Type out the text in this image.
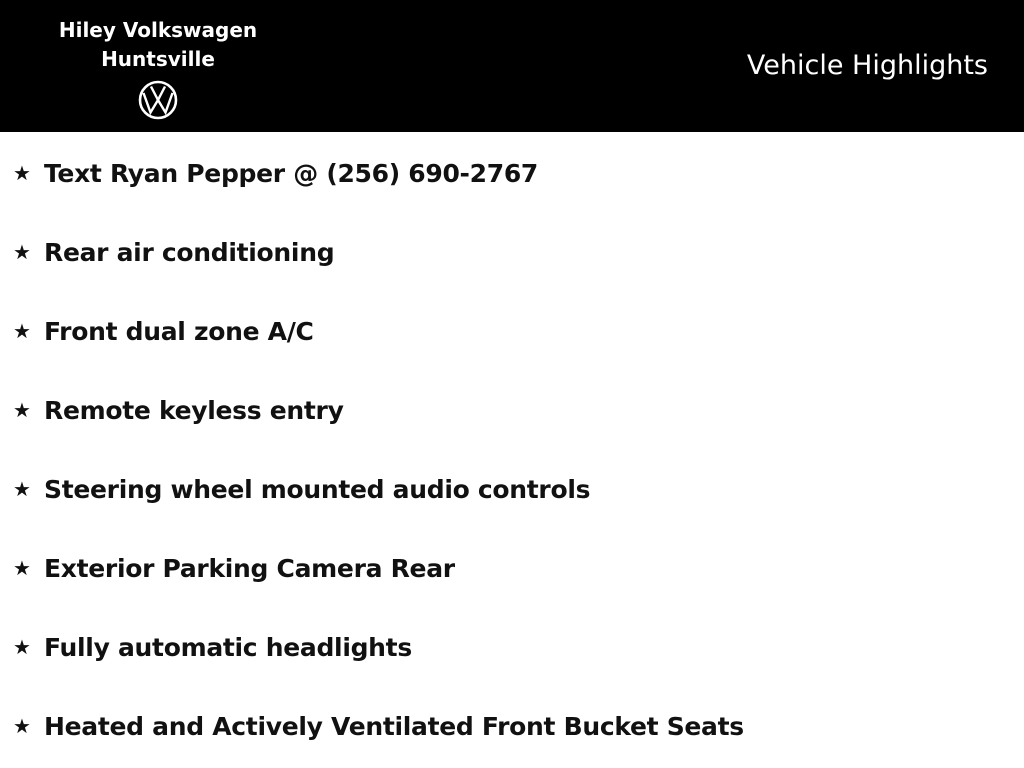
Hiley Volkswagen
Huntsville	Vehicle Highlights
★ Text Ryan Pepper @ (256) 690-2767
★ Rear air conditioning
★ Front dual zone A/C
★ Remote keyless entry
★ Steering wheel mounted audio controls
★ Exterior Parking Camera Rear
★ Fully automatic headlights
★ Heated and Actively Ventilated Front Bucket Seats
